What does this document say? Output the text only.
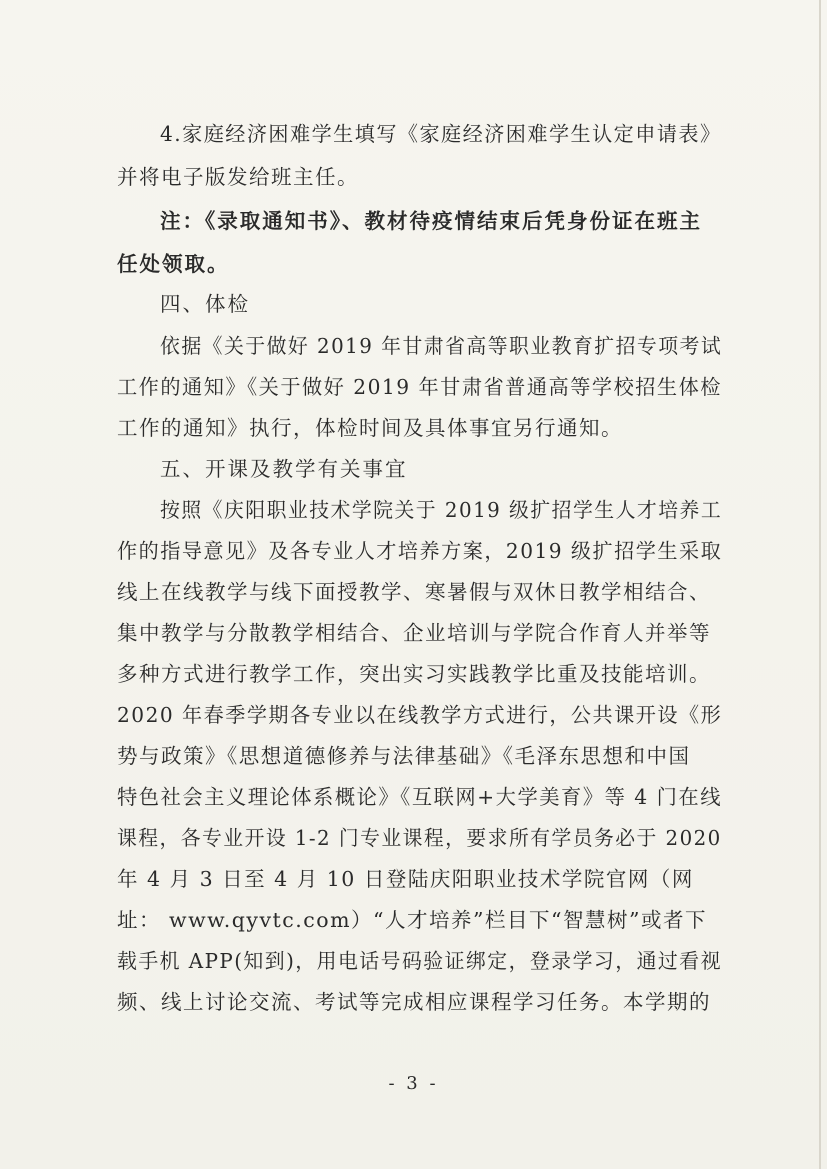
4.家庭经济困难学生填写《家庭经济困难学生认定申请表》
并将电子版发给班主任。
注：《录取通知书》、教材待疫情结束后凭身份证在班主
任处领取。
四、体检
依据《关于做好 2019 年甘肃省高等职业教育扩招专项考试
工作的通知》《关于做好 2019 年甘肃省普通高等学校招生体检
工作的通知》执行，体检时间及具体事宜另行通知。
五、开课及教学有关事宜
按照《庆阳职业技术学院关于 2019 级扩招学生人才培养工
作的指导意见》及各专业人才培养方案，2019 级扩招学生采取
线上在线教学与线下面授教学、寒暑假与双休日教学相结合、
集中教学与分散教学相结合、企业培训与学院合作育人并举等
多种方式进行教学工作，突出实习实践教学比重及技能培训。
2020 年春季学期各专业以在线教学方式进行，公共课开设《形
势与政策》《思想道德修养与法律基础》《毛泽东思想和中国
特色社会主义理论体系概论》《互联网+大学美育》等 4 门在线
课程，各专业开设 1-2 门专业课程，要求所有学员务必于 2020
年 4 月 3 日至 4 月 10 日登陆庆阳职业技术学院官网（网
址： www.qyvtc.com）“人才培养”栏目下“智慧树”或者下
载手机 APP(知到)，用电话号码验证绑定，登录学习，通过看视
频、线上讨论交流、考试等完成相应课程学习任务。本学期的
- 3 -
